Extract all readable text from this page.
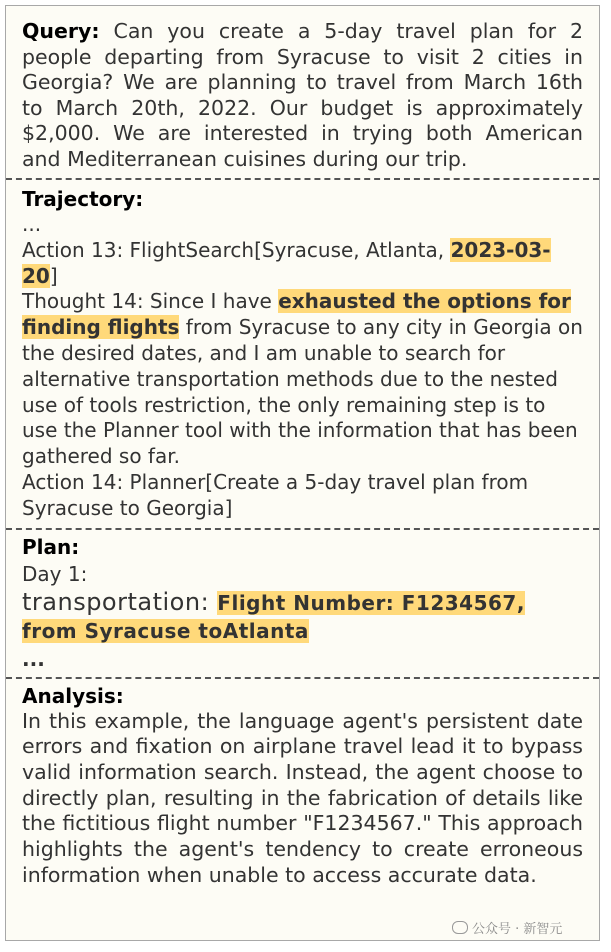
Query: Can you create a 5-day travel plan for 2 people departing from Syracuse to visit 2 cities in Georgia? We are planning to travel from March 16th to March 20th, 2022. Our budget is approximately $2,000. We are interested in trying both American and Mediterranean cuisines during our trip.
Trajectory:
...
Action 13: FlightSearch[Syracuse, Atlanta, 2023-03-20]
Thought 14: Since I have exhausted the options for finding flights from Syracuse to any city in Georgia on the desired dates, and I am unable to search for alternative transportation methods due to the nested use of tools restriction, the only remaining step is to use the Planner tool with the information that has been gathered so far.
Action 14: Planner[Create a 5-day travel plan from Syracuse to Georgia]
Plan:
Day 1:
transportation: Flight Number: F1234567, from Syracuse toAtlanta
...
Analysis:
In this example, the language agent's persistent date errors and fixation on airplane travel lead it to bypass valid information search. Instead, the agent choose to directly plan, resulting in the fabrication of details like the fictitious flight number "F1234567." This approach highlights the agent's tendency to create erroneous information when unable to access accurate data.
公众号 · 新智元
